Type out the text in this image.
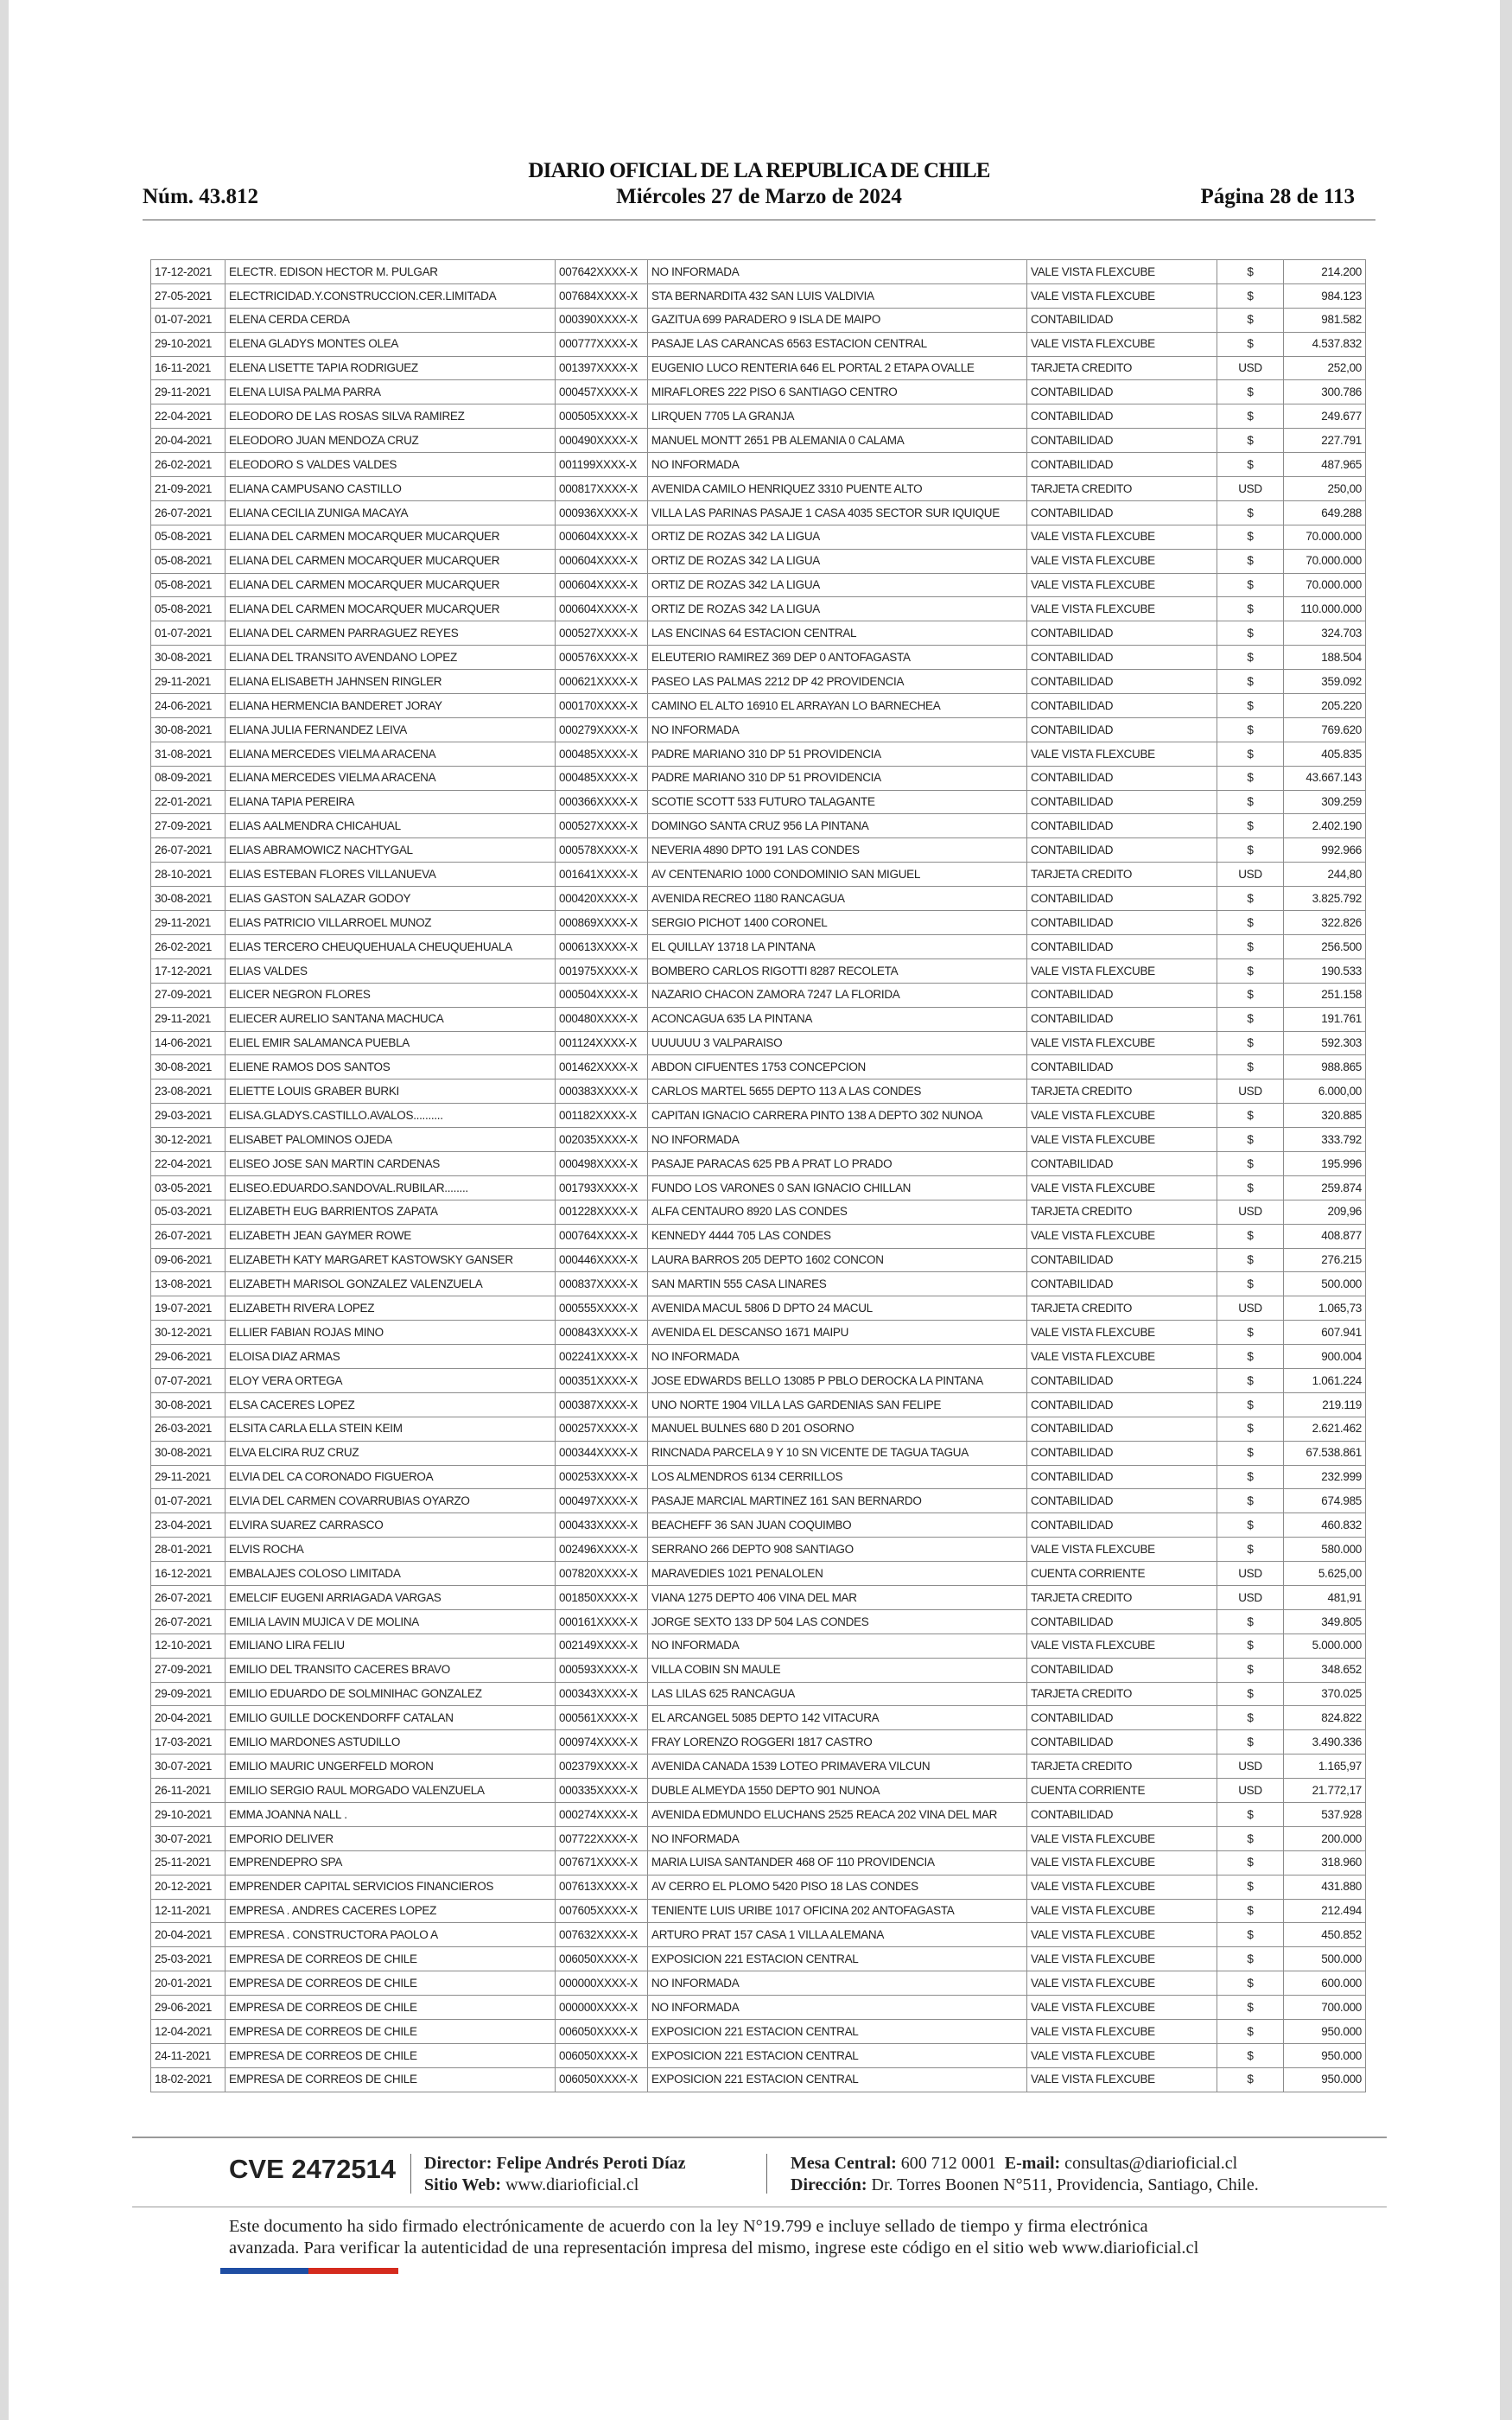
DIARIO OFICIAL DE LA REPUBLICA DE CHILE
Núm. 43.812	Miércoles 27 de Marzo de 2024	Página 28 de 113
17-12-2021	ELECTR. EDISON HECTOR M. PULGAR	007642XXXX-X	NO INFORMADA	VALE VISTA FLEXCUBE	$	214.200
27-05-2021	ELECTRICIDAD.Y.CONSTRUCCION.CER.LIMITADA	007684XXXX-X	STA BERNARDITA 432 SAN LUIS VALDIVIA	VALE VISTA FLEXCUBE	$	984.123
01-07-2021	ELENA CERDA CERDA	000390XXXX-X	GAZITUA 699 PARADERO 9 ISLA DE MAIPO	CONTABILIDAD	$	981.582
29-10-2021	ELENA GLADYS MONTES OLEA	000777XXXX-X	PASAJE LAS CARANCAS 6563 ESTACION CENTRAL	VALE VISTA FLEXCUBE	$	4.537.832
16-11-2021	ELENA LISETTE TAPIA RODRIGUEZ	001397XXXX-X	EUGENIO LUCO RENTERIA 646 EL PORTAL 2 ETAPA OVALLE	TARJETA CREDITO	USD	252,00
29-11-2021	ELENA LUISA PALMA PARRA	000457XXXX-X	MIRAFLORES 222 PISO 6 SANTIAGO CENTRO	CONTABILIDAD	$	300.786
22-04-2021	ELEODORO DE LAS ROSAS SILVA RAMIREZ	000505XXXX-X	LIRQUEN 7705 LA GRANJA	CONTABILIDAD	$	249.677
20-04-2021	ELEODORO JUAN MENDOZA CRUZ	000490XXXX-X	MANUEL MONTT 2651 PB ALEMANIA 0 CALAMA	CONTABILIDAD	$	227.791
26-02-2021	ELEODORO S VALDES VALDES	001199XXXX-X	NO INFORMADA	CONTABILIDAD	$	487.965
21-09-2021	ELIANA CAMPUSANO CASTILLO	000817XXXX-X	AVENIDA CAMILO HENRIQUEZ 3310 PUENTE ALTO	TARJETA CREDITO	USD	250,00
26-07-2021	ELIANA CECILIA ZUNIGA MACAYA	000936XXXX-X	VILLA LAS PARINAS PASAJE 1 CASA 4035 SECTOR SUR IQUIQUE	CONTABILIDAD	$	649.288
05-08-2021	ELIANA DEL CARMEN MOCARQUER MUCARQUER	000604XXXX-X	ORTIZ DE ROZAS 342 LA LIGUA	VALE VISTA FLEXCUBE	$	70.000.000
05-08-2021	ELIANA DEL CARMEN MOCARQUER MUCARQUER	000604XXXX-X	ORTIZ DE ROZAS 342 LA LIGUA	VALE VISTA FLEXCUBE	$	70.000.000
05-08-2021	ELIANA DEL CARMEN MOCARQUER MUCARQUER	000604XXXX-X	ORTIZ DE ROZAS 342 LA LIGUA	VALE VISTA FLEXCUBE	$	70.000.000
05-08-2021	ELIANA DEL CARMEN MOCARQUER MUCARQUER	000604XXXX-X	ORTIZ DE ROZAS 342 LA LIGUA	VALE VISTA FLEXCUBE	$	110.000.000
01-07-2021	ELIANA DEL CARMEN PARRAGUEZ REYES	000527XXXX-X	LAS ENCINAS 64 ESTACION CENTRAL	CONTABILIDAD	$	324.703
30-08-2021	ELIANA DEL TRANSITO AVENDANO LOPEZ	000576XXXX-X	ELEUTERIO RAMIREZ 369 DEP 0 ANTOFAGASTA	CONTABILIDAD	$	188.504
29-11-2021	ELIANA ELISABETH JAHNSEN RINGLER	000621XXXX-X	PASEO LAS PALMAS 2212 DP 42 PROVIDENCIA	CONTABILIDAD	$	359.092
24-06-2021	ELIANA HERMENCIA BANDERET JORAY	000170XXXX-X	CAMINO EL ALTO 16910 EL ARRAYAN LO BARNECHEA	CONTABILIDAD	$	205.220
30-08-2021	ELIANA JULIA FERNANDEZ LEIVA	000279XXXX-X	NO INFORMADA	CONTABILIDAD	$	769.620
31-08-2021	ELIANA MERCEDES VIELMA ARACENA	000485XXXX-X	PADRE MARIANO 310 DP 51 PROVIDENCIA	VALE VISTA FLEXCUBE	$	405.835
08-09-2021	ELIANA MERCEDES VIELMA ARACENA	000485XXXX-X	PADRE MARIANO 310 DP 51 PROVIDENCIA	CONTABILIDAD	$	43.667.143
22-01-2021	ELIANA TAPIA PEREIRA	000366XXXX-X	SCOTIE SCOTT 533 FUTURO TALAGANTE	CONTABILIDAD	$	309.259
27-09-2021	ELIAS AALMENDRA CHICAHUAL	000527XXXX-X	DOMINGO SANTA CRUZ 956 LA PINTANA	CONTABILIDAD	$	2.402.190
26-07-2021	ELIAS ABRAMOWICZ NACHTYGAL	000578XXXX-X	NEVERIA 4890 DPTO 191 LAS CONDES	CONTABILIDAD	$	992.966
28-10-2021	ELIAS ESTEBAN FLORES VILLANUEVA	001641XXXX-X	AV CENTENARIO 1000 CONDOMINIO SAN MIGUEL	TARJETA CREDITO	USD	244,80
30-08-2021	ELIAS GASTON SALAZAR GODOY	000420XXXX-X	AVENIDA RECREO 1180 RANCAGUA	CONTABILIDAD	$	3.825.792
29-11-2021	ELIAS PATRICIO VILLARROEL MUNOZ	000869XXXX-X	SERGIO PICHOT 1400 CORONEL	CONTABILIDAD	$	322.826
26-02-2021	ELIAS TERCERO CHEUQUEHUALA CHEUQUEHUALA	000613XXXX-X	EL QUILLAY 13718 LA PINTANA	CONTABILIDAD	$	256.500
17-12-2021	ELIAS VALDES	001975XXXX-X	BOMBERO CARLOS RIGOTTI 8287 RECOLETA	VALE VISTA FLEXCUBE	$	190.533
27-09-2021	ELICER NEGRON FLORES	000504XXXX-X	NAZARIO CHACON ZAMORA 7247 LA FLORIDA	CONTABILIDAD	$	251.158
29-11-2021	ELIECER AURELIO SANTANA MACHUCA	000480XXXX-X	ACONCAGUA 635 LA PINTANA	CONTABILIDAD	$	191.761
14-06-2021	ELIEL EMIR SALAMANCA PUEBLA	001124XXXX-X	UUUUUU 3 VALPARAISO	VALE VISTA FLEXCUBE	$	592.303
30-08-2021	ELIENE RAMOS DOS SANTOS	001462XXXX-X	ABDON CIFUENTES 1753 CONCEPCION	CONTABILIDAD	$	988.865
23-08-2021	ELIETTE LOUIS GRABER BURKI	000383XXXX-X	CARLOS MARTEL 5655 DEPTO 113 A LAS CONDES	TARJETA CREDITO	USD	6.000,00
29-03-2021	ELISA.GLADYS.CASTILLO.AVALOS..........	001182XXXX-X	CAPITAN IGNACIO CARRERA PINTO 138 A DEPTO 302 NUNOA	VALE VISTA FLEXCUBE	$	320.885
30-12-2021	ELISABET PALOMINOS OJEDA	002035XXXX-X	NO INFORMADA	VALE VISTA FLEXCUBE	$	333.792
22-04-2021	ELISEO JOSE SAN MARTIN CARDENAS	000498XXXX-X	PASAJE PARACAS 625 PB A PRAT LO PRADO	CONTABILIDAD	$	195.996
03-05-2021	ELISEO.EDUARDO.SANDOVAL.RUBILAR........	001793XXXX-X	FUNDO LOS VARONES 0 SAN IGNACIO CHILLAN	VALE VISTA FLEXCUBE	$	259.874
05-03-2021	ELIZABETH EUG BARRIENTOS ZAPATA	001228XXXX-X	ALFA CENTAURO 8920 LAS CONDES	TARJETA CREDITO	USD	209,96
26-07-2021	ELIZABETH JEAN GAYMER ROWE	000764XXXX-X	KENNEDY 4444 705 LAS CONDES	VALE VISTA FLEXCUBE	$	408.877
09-06-2021	ELIZABETH KATY MARGARET KASTOWSKY GANSER	000446XXXX-X	LAURA BARROS 205 DEPTO 1602 CONCON	CONTABILIDAD	$	276.215
13-08-2021	ELIZABETH MARISOL GONZALEZ VALENZUELA	000837XXXX-X	SAN MARTIN 555 CASA LINARES	CONTABILIDAD	$	500.000
19-07-2021	ELIZABETH RIVERA LOPEZ	000555XXXX-X	AVENIDA MACUL 5806 D DPTO 24 MACUL	TARJETA CREDITO	USD	1.065,73
30-12-2021	ELLIER FABIAN ROJAS MINO	000843XXXX-X	AVENIDA EL DESCANSO 1671 MAIPU	VALE VISTA FLEXCUBE	$	607.941
29-06-2021	ELOISA DIAZ ARMAS	002241XXXX-X	NO INFORMADA	VALE VISTA FLEXCUBE	$	900.004
07-07-2021	ELOY VERA ORTEGA	000351XXXX-X	JOSE EDWARDS BELLO 13085 P PBLO DEROCKA LA PINTANA	CONTABILIDAD	$	1.061.224
30-08-2021	ELSA CACERES LOPEZ	000387XXXX-X	UNO NORTE 1904 VILLA LAS GARDENIAS SAN FELIPE	CONTABILIDAD	$	219.119
26-03-2021	ELSITA CARLA ELLA STEIN KEIM	000257XXXX-X	MANUEL BULNES 680 D 201 OSORNO	CONTABILIDAD	$	2.621.462
30-08-2021	ELVA ELCIRA RUZ CRUZ	000344XXXX-X	RINCNADA PARCELA 9 Y 10 SN VICENTE DE TAGUA TAGUA	CONTABILIDAD	$	67.538.861
29-11-2021	ELVIA DEL CA CORONADO FIGUEROA	000253XXXX-X	LOS ALMENDROS 6134 CERRILLOS	CONTABILIDAD	$	232.999
01-07-2021	ELVIA DEL CARMEN COVARRUBIAS OYARZO	000497XXXX-X	PASAJE MARCIAL MARTINEZ 161 SAN BERNARDO	CONTABILIDAD	$	674.985
23-04-2021	ELVIRA SUAREZ CARRASCO	000433XXXX-X	BEACHEFF 36 SAN JUAN COQUIMBO	CONTABILIDAD	$	460.832
28-01-2021	ELVIS ROCHA	002496XXXX-X	SERRANO 266 DEPTO 908 SANTIAGO	VALE VISTA FLEXCUBE	$	580.000
16-12-2021	EMBALAJES COLOSO LIMITADA	007820XXXX-X	MARAVEDIES 1021 PENALOLEN	CUENTA CORRIENTE	USD	5.625,00
26-07-2021	EMELCIF EUGENI ARRIAGADA VARGAS	001850XXXX-X	VIANA 1275 DEPTO 406 VINA DEL MAR	TARJETA CREDITO	USD	481,91
26-07-2021	EMILIA LAVIN MUJICA V DE MOLINA	000161XXXX-X	JORGE SEXTO 133 DP 504 LAS CONDES	CONTABILIDAD	$	349.805
12-10-2021	EMILIANO LIRA FELIU	002149XXXX-X	NO INFORMADA	VALE VISTA FLEXCUBE	$	5.000.000
27-09-2021	EMILIO DEL TRANSITO CACERES BRAVO	000593XXXX-X	VILLA COBIN SN MAULE	CONTABILIDAD	$	348.652
29-09-2021	EMILIO EDUARDO DE SOLMINIHAC GONZALEZ	000343XXXX-X	LAS LILAS 625 RANCAGUA	TARJETA CREDITO	$	370.025
20-04-2021	EMILIO GUILLE DOCKENDORFF CATALAN	000561XXXX-X	EL ARCANGEL 5085 DEPTO 142 VITACURA	CONTABILIDAD	$	824.822
17-03-2021	EMILIO MARDONES ASTUDILLO	000974XXXX-X	FRAY LORENZO ROGGERI 1817 CASTRO	CONTABILIDAD	$	3.490.336
30-07-2021	EMILIO MAURIC UNGERFELD MORON	002379XXXX-X	AVENIDA CANADA 1539 LOTEO PRIMAVERA VILCUN	TARJETA CREDITO	USD	1.165,97
26-11-2021	EMILIO SERGIO RAUL MORGADO VALENZUELA	000335XXXX-X	DUBLE ALMEYDA 1550 DEPTO 901 NUNOA	CUENTA CORRIENTE	USD	21.772,17
29-10-2021	EMMA JOANNA NALL .	000274XXXX-X	AVENIDA EDMUNDO ELUCHANS 2525 REACA 202 VINA DEL MAR	CONTABILIDAD	$	537.928
30-07-2021	EMPORIO DELIVER	007722XXXX-X	NO INFORMADA	VALE VISTA FLEXCUBE	$	200.000
25-11-2021	EMPRENDEPRO SPA	007671XXXX-X	MARIA LUISA SANTANDER 468 OF 110 PROVIDENCIA	VALE VISTA FLEXCUBE	$	318.960
20-12-2021	EMPRENDER CAPITAL SERVICIOS FINANCIEROS	007613XXXX-X	AV CERRO EL PLOMO 5420 PISO 18 LAS CONDES	VALE VISTA FLEXCUBE	$	431.880
12-11-2021	EMPRESA . ANDRES CACERES LOPEZ	007605XXXX-X	TENIENTE LUIS URIBE 1017 OFICINA 202 ANTOFAGASTA	VALE VISTA FLEXCUBE	$	212.494
20-04-2021	EMPRESA . CONSTRUCTORA PAOLO A	007632XXXX-X	ARTURO PRAT 157 CASA 1 VILLA ALEMANA	VALE VISTA FLEXCUBE	$	450.852
25-03-2021	EMPRESA DE CORREOS DE CHILE	006050XXXX-X	EXPOSICION 221 ESTACION CENTRAL	VALE VISTA FLEXCUBE	$	500.000
20-01-2021	EMPRESA DE CORREOS DE CHILE	000000XXXX-X	NO INFORMADA	VALE VISTA FLEXCUBE	$	600.000
29-06-2021	EMPRESA DE CORREOS DE CHILE	000000XXXX-X	NO INFORMADA	VALE VISTA FLEXCUBE	$	700.000
12-04-2021	EMPRESA DE CORREOS DE CHILE	006050XXXX-X	EXPOSICION 221 ESTACION CENTRAL	VALE VISTA FLEXCUBE	$	950.000
24-11-2021	EMPRESA DE CORREOS DE CHILE	006050XXXX-X	EXPOSICION 221 ESTACION CENTRAL	VALE VISTA FLEXCUBE	$	950.000
18-02-2021	EMPRESA DE CORREOS DE CHILE	006050XXXX-X	EXPOSICION 221 ESTACION CENTRAL	VALE VISTA FLEXCUBE	$	950.000
CVE 2472514 Director: Felipe Andrés Peroti Díaz
Sitio Web: www.diarioficial.cl
Mesa Central: 600 712 0001 E-mail: consultas@diarioficial.cl
Dirección: Dr. Torres Boonen N°511, Providencia, Santiago, Chile.
Este documento ha sido firmado electrónicamente de acuerdo con la ley N°19.799 e incluye sellado de tiempo y firma electrónica
avanzada. Para verificar la autenticidad de una representación impresa del mismo, ingrese este código en el sitio web www.diarioficial.cl
